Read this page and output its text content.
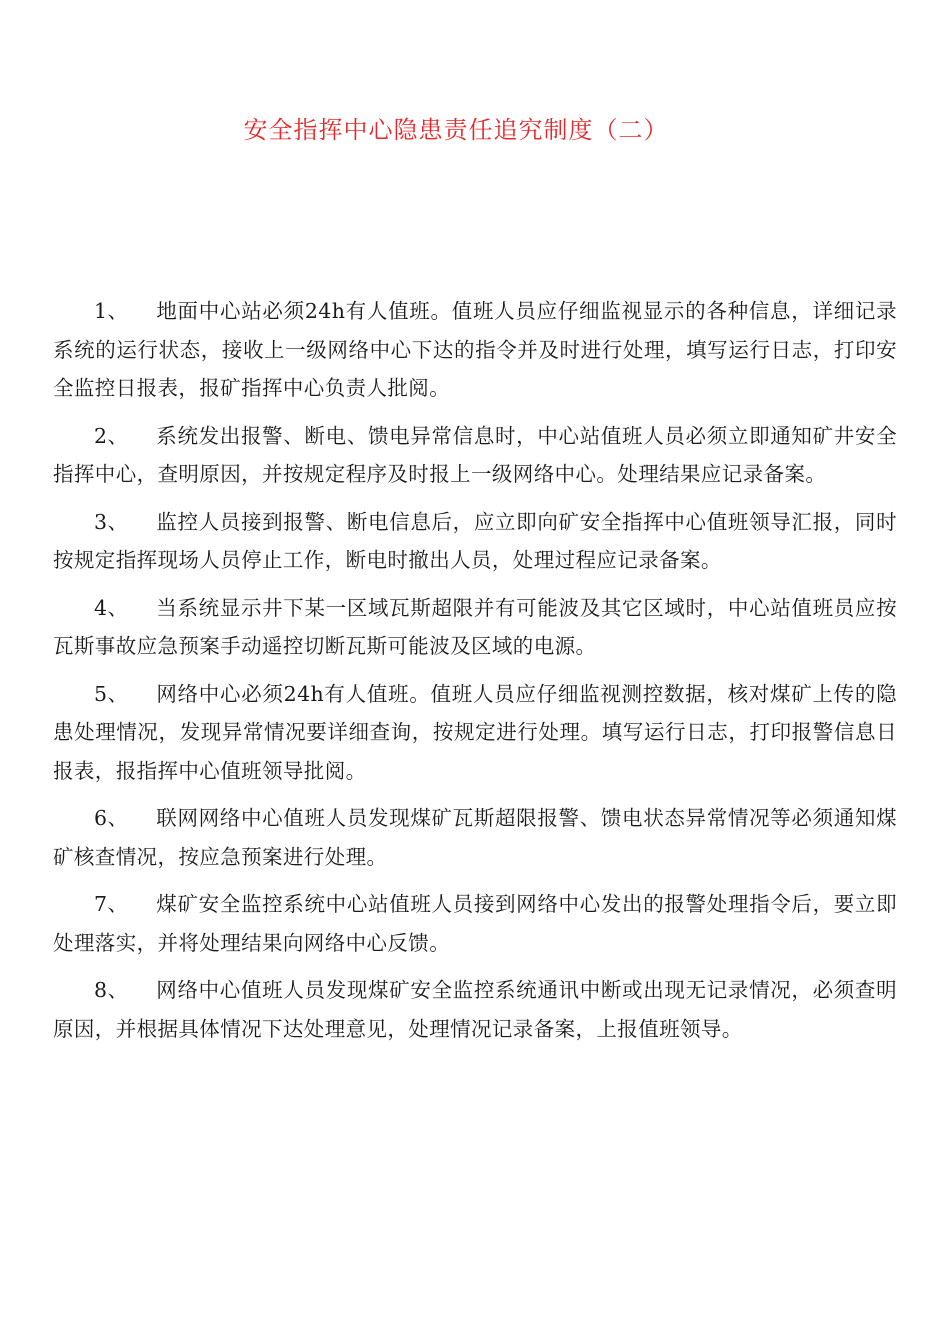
安全指挥中心隐患责任追究制度（二）

1、 地面中心站必须24h有人值班。值班人员应仔细监视显示的各种信息，详细记录系统的运行状态，接收上一级网络中心下达的指令并及时进行处理，填写运行日志，打印安全监控日报表，报矿指挥中心负责人批阅。

2、 系统发出报警、断电、馈电异常信息时，中心站值班人员必须立即通知矿井安全指挥中心，查明原因，并按规定程序及时报上一级网络中心。处理结果应记录备案。

3、 监控人员接到报警、断电信息后，应立即向矿安全指挥中心值班领导汇报，同时按规定指挥现场人员停止工作，断电时撤出人员，处理过程应记录备案。

4、 当系统显示井下某一区域瓦斯超限并有可能波及其它区域时，中心站值班员应按瓦斯事故应急预案手动遥控切断瓦斯可能波及区域的电源。

5、 网络中心必须24h有人值班。值班人员应仔细监视测控数据，核对煤矿上传的隐患处理情况，发现异常情况要详细查询，按规定进行处理。填写运行日志，打印报警信息日报表，报指挥中心值班领导批阅。

6、 联网网络中心值班人员发现煤矿瓦斯超限报警、馈电状态异常情况等必须通知煤矿核查情况，按应急预案进行处理。

7、 煤矿安全监控系统中心站值班人员接到网络中心发出的报警处理指令后，要立即处理落实，并将处理结果向网络中心反馈。

8、 网络中心值班人员发现煤矿安全监控系统通讯中断或出现无记录情况，必须查明原因，并根据具体情况下达处理意见，处理情况记录备案，上报值班领导。
